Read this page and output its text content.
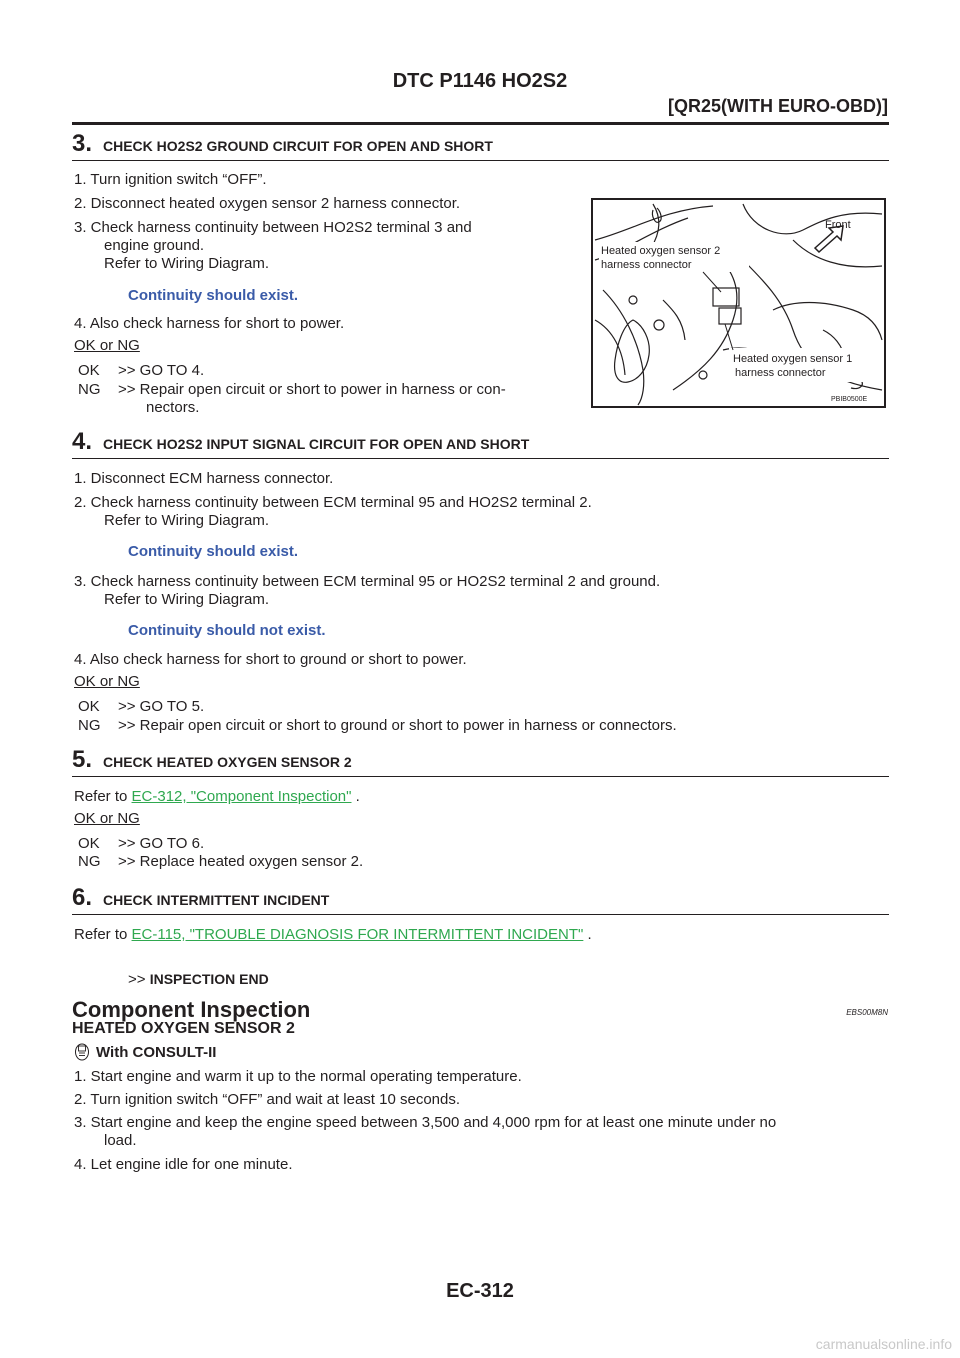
DTC P1146 HO2S2
[QR25(WITH EURO-OBD)]
3. CHECK HO2S2 GROUND CIRCUIT FOR OPEN AND SHORT
1. Turn ignition switch “OFF”.
2. Disconnect heated oxygen sensor 2 harness connector.
3. Check harness continuity between HO2S2 terminal 3 and
engine ground.
Refer to Wiring Diagram.
Continuity should exist.
4. Also check harness for short to power.
OK or NG
OK >> GO TO 4.
NG >> Repair open circuit or short to power in harness or con-
nectors.
Front
Heated oxygen sensor 2
harness connector
Heated oxygen sensor 1
harness connector
PBIB0500E
4. CHECK HO2S2 INPUT SIGNAL CIRCUIT FOR OPEN AND SHORT
1. Disconnect ECM harness connector.
2. Check harness continuity between ECM terminal 95 and HO2S2 terminal 2.
Refer to Wiring Diagram.
Continuity should exist.
3. Check harness continuity between ECM terminal 95 or HO2S2 terminal 2 and ground.
Refer to Wiring Diagram.
Continuity should not exist.
4. Also check harness for short to ground or short to power.
OK or NG
OK >> GO TO 5.
NG >> Repair open circuit or short to ground or short to power in harness or connectors.
5. CHECK HEATED OXYGEN SENSOR 2
Refer to EC-312, "Component Inspection" .
OK or NG
OK >> GO TO 6.
NG >> Replace heated oxygen sensor 2.
6. CHECK INTERMITTENT INCIDENT
Refer to EC-115, "TROUBLE DIAGNOSIS FOR INTERMITTENT INCIDENT" .
>> INSPECTION END
Component Inspection	EBS00M8N
HEATED OXYGEN SENSOR 2
With CONSULT-II
1. Start engine and warm it up to the normal operating temperature.
2. Turn ignition switch “OFF” and wait at least 10 seconds.
3. Start engine and keep the engine speed between 3,500 and 4,000 rpm for at least one minute under no
load.
4. Let engine idle for one minute.
EC-312
carmanualsonline.info
